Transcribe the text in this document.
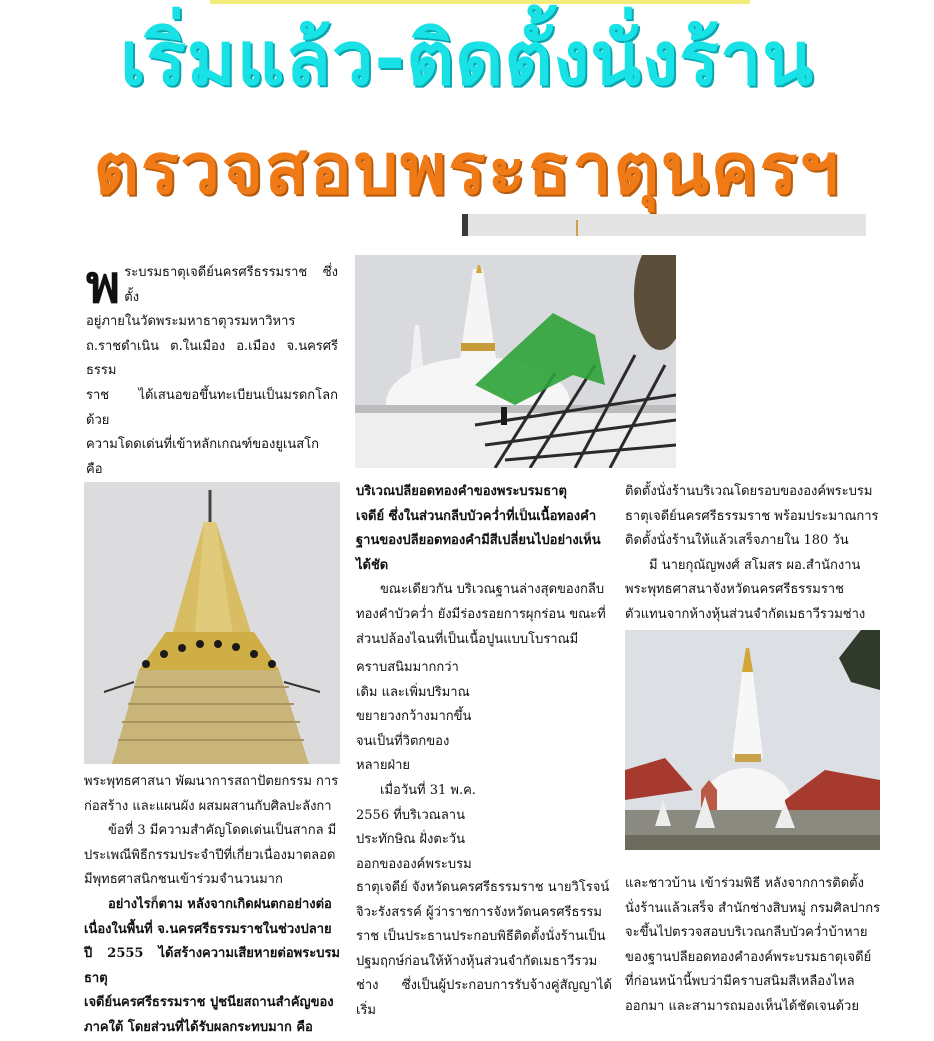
เริ่มแล้ว-ติดตั้งนั่งร้าน
ตรวจสอบพระธาตุนครฯ
พ ระบรมธาตุเจดีย์นครศรีธรรมราช ซึ่งตั้ง

อยู่ภายในวัดพระมหาธาตุวรมหาวิหาร

ถ.ราชดำเนิน ต.ในเมือง อ.เมือง จ.นครศรีธรรม

ราช ได้เสนอขอขึ้นทะเบียนเป็นมรดกโลก ด้วย

ความโดดเด่นที่เข้าหลักเกณฑ์ของยูเนสโก คือ

พระพุทธศาสนา พัฒนาการสถาปัตยกรรม การ

ก่อสร้าง และแผนผัง ผสมผสานกับศิลปะลังกา

ข้อที่ 3 มีความสำคัญโดดเด่นเป็นสากล มี

ประเพณีพิธีกรรมประจำปีที่เกี่ยวเนื่องมาตลอด

มีพุทธศาสนิกชนเข้าร่วมจำนวนมาก

อย่างไรก็ตาม หลังจากเกิดฝนตกอย่างต่อ

เนื่องในพื้นที่ จ.นครศรีธรรมราชในช่วงปลาย

ปี 2555 ได้สร้างความเสียหายต่อพระบรมธาตุ

เจดีย์นครศรีธรรมราช ปูชนียสถานสำคัญของ

ภาคใต้ โดยส่วนที่ได้รับผลกระทบมาก คือ

บริเวณปลียอดทองคำของพระบรมธาตุ

เจดีย์ ซึ่งในส่วนกลีบบัวคว่ำที่เป็นเนื้อทองคำ

ฐานของปลียอดทองคำมีสีเปลี่ยนไปอย่างเห็น

ได้ชัด

ขณะเดียวกัน บริเวณฐานล่างสุดของกลีบ

ทองคำบัวคว่ำ ยังมีร่องรอยการผุกร่อน ขณะที่

ส่วนปล้องไฉนที่เป็นเนื้อปูนแบบโบราณมี

คราบสนิมมากกว่า

เดิม และเพิ่มปริมาณ

ขยายวงกว้างมากขึ้น

จนเป็นที่วิตกของ

หลายฝ่าย

เมื่อวันที่ 31 พ.ค.

2556 ที่บริเวณลาน

ประทักษิณ ฝั่งตะวัน

ออกขององค์พระบรม

ธาตุเจดีย์ จังหวัดนครศรีธรรมราช นายวิโรจน์

จิวะรังสรรค์ ผู้ว่าราชการจังหวัดนครศรีธรรม

ราช เป็นประธานประกอบพิธีติดตั้งนั่งร้านเป็น

ปฐมฤกษ์ก่อนให้ห้างหุ้นส่วนจำกัดเมธาวีรวม

ช่าง ซึ่งเป็นผู้ประกอบการรับจ้างคู่สัญญาได้เริ่ม

ติดตั้งนั่งร้านบริเวณโดยรอบขององค์พระบรม

ธาตุเจดีย์นครศรีธรรมราช พร้อมประมาณการ

ติดตั้งนั่งร้านให้แล้วเสร็จภายใน 180 วัน

มี นายกุณัญพงศ์ สโมสร ผอ.สำนักงาน

พระพุทธศาสนาจังหวัดนครศรีธรรมราช

ตัวแทนจากห้างหุ้นส่วนจำกัดเมธาวีรวมช่าง

และชาวบ้าน เข้าร่วมพิธี หลังจากการติดตั้ง

นั่งร้านแล้วเสร็จ สำนักช่างสิบหมู่ กรมศิลปากร

จะขึ้นไปตรวจสอบบริเวณกลีบบัวคว่ำบ้าหาย

ของฐานปลียอดทองคำองค์พระบรมธาตุเจดีย์

ที่ก่อนหน้านี้พบว่ามีคราบสนิมสีเหลืองไหล

ออกมา และสามารถมองเห็นได้ชัดเจนด้วย
